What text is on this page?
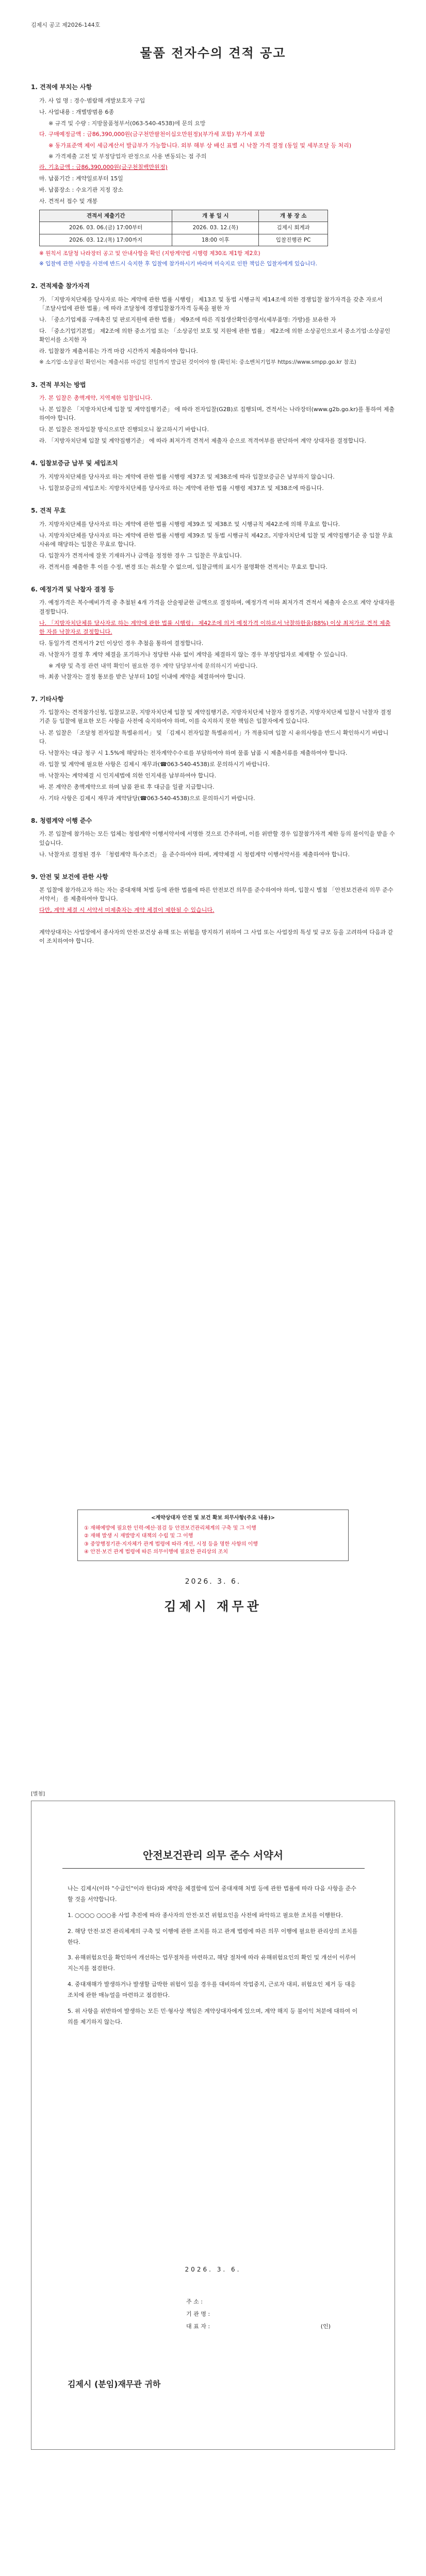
김제시 공고 제2026-144호
물품 전자수의 견적 공고
1. 견적에 부치는 사항
가. 사 업 명 : 경수·범람해 개발보호자 구입
나. 사업내용 : 개별방범용 6종
※ 규격 및 수량 : 지방물품청부서(063-540-4538)에 문의 요망
다. 구매예정금액 : 금86,390,000원(금구천만팔천이십오만원정)(부가세 포함) 부가세 포함
※ 동가표준액 제이 세금계산서 발급부가 가능합니다. 외부 해부 상 배신 표별 시 낙찰 가격 결정 (동일 및 세부조달 등 처리)
※ 가격제출 고전 및 부정당업자 판정으로 사용 변동되는 점 주의
라. 기초금액 : 금86,390,000원(금구천칠백만원정)
마. 납품기간 : 계약일로부터 15일
바. 납품장소 : 수요기관 지정 장소
사. 견적서 접수 및 개봉
견적서 제출기간	개 봉 일 시	개 봉 장 소
2026. 03. 06.(금) 17:00부터	2026. 03. 12.(목)	김제시 회계과
2026. 03. 12.(목) 17:00까지	18:00 이후	입찰진행관 PC
※ 원칙서 조달청 나라장터 공고 및 안내사항을 확인 (지방계약법 시행령 제30조 제1항 제2호)
※ 입찰에 관한 사항을 사전에 반드시 숙지한 후 입찰에 참가하시기 바라며 미숙지로 인한 책임은 입찰자에게 있습니다.
2. 견적제출 참가자격
가. 「지방자치단체를 당사자로 하는 계약에 관한 법률 시행령」 제13조 및 동법 시행규칙 제14조에 의한 경쟁입찰 참가자격을 갖춘 자로서 「조달사업에 관한 법률」에 따라 조달청에 경쟁입찰참가자격 등록을 필한 자
나. 「중소기업제품 구매촉진 및 판로지원에 관한 법률」 제9조에 따른 직접생산확인증명서(세부품명: 가방)를 보유한 자
다. 「중소기업기본법」 제2조에 의한 중소기업 또는 「소상공인 보호 및 지원에 관한 법률」 제2조에 의한 소상공인으로서 중소기업·소상공인 확인서를 소지한 자
라. 입찰참가 제출서류는 가격 마감 시간까지 제출하여야 합니다.
※ 소기업·소상공인 확인서는 제출서류 마감일 전일까지 발급된 것이어야 함 (확인처: 중소벤처기업부 https://www.smpp.go.kr 참조)
3. 견적 부치는 방법
가. 본 입찰은 총액계약, 지역제한 입찰입니다.
나. 본 입찰은 「지방자치단체 입찰 및 계약집행기준」 에 따라 전자입찰(G2B)로 집행되며, 견적서는 나라장터(www.g2b.go.kr)를 통하여 제출하여야 합니다.
다. 본 입찰은 전자입찰 방식으로만 진행되오니 참고하시기 바랍니다.
라. 「지방자치단체 입찰 및 계약집행기준」 에 따라 최저가격 견적서 제출자 순으로 적격여부를 판단하여 계약 상대자를 결정합니다.
4. 입찰보증금 납부 및 세입조치
가. 지방자치단체를 당사자로 하는 계약에 관한 법률 시행령 제37조 및 제38조에 따라 입찰보증금은 납부하지 않습니다.
나. 입찰보증금의 세입조치: 지방자치단체를 당사자로 하는 계약에 관한 법률 시행령 제37조 및 제38조에 따릅니다.
5. 견적 무효
가. 지방자치단체를 당사자로 하는 계약에 관한 법률 시행령 제39조 및 제38조 및 시행규칙 제42조에 의해 무효로 합니다.
나. 지방자치단체를 당사자로 하는 계약에 관한 법률 시행령 제39조 및 동법 시행규칙 제42조, 지방자치단체 입찰 및 계약집행기준 중 입찰 무효사유에 해당하는 입찰은 무효로 합니다.
다. 입찰자가 견적서에 잘못 기재하거나 금액을 정정한 경우 그 입찰은 무효입니다.
라. 견적서를 제출한 후 이를 수정, 변경 또는 취소할 수 없으며, 입찰금액의 표시가 불명확한 견적서는 무효로 합니다.
6. 예정가격 및 낙찰자 결정 등
가. 예정가격은 복수예비가격 중 추첨된 4개 가격을 산술평균한 금액으로 결정하며, 예정가격 이하 최저가격 견적서 제출자 순으로 계약 상대자를 결정합니다.
나. 「지방자치단체를 당사자로 하는 계약에 관한 법률 시행령」 제42조에 의거 예정가격 이하로서 낙찰하한율(88%) 이상 최저가로 견적 제출한 자를 낙찰자로 결정합니다.
다. 동일가격 견적서가 2인 이상인 경우 추첨을 통하여 결정합니다.
라. 낙찰자가 결정 후 계약 체결을 포기하거나 정당한 사유 없이 계약을 체결하지 않는 경우 부정당업자로 제재할 수 있습니다.
※ 계량 및 측정 관련 내역 확인이 필요한 경우 계약 담당부서에 문의하시기 바랍니다.
마. 최종 낙찰자는 결정 통보를 받은 날부터 10일 이내에 계약을 체결하여야 합니다.
7. 기타사항
가. 입찰자는 견적참가신청, 입찰보고문, 지방자치단체 입찰 및 계약집행기준, 지방자치단체 낙찰자 결정기준, 지방자치단체 입찰시 낙찰자 결정기준 등 입찰에 필요한 모든 사항을 사전에 숙지하여야 하며, 이를 숙지하지 못한 책임은 입찰자에게 있습니다.
나. 본 입찰은 「조달청 전자입찰 특별유의서」 및 「김제시 전자입찰 특별유의서」가 적용되며 입찰 시 유의사항을 반드시 확인하시기 바랍니다.
다. 낙찰자는 대금 청구 시 1.5%에 해당하는 전자계약수수료를 부담하여야 하며 물품 납품 시 제출서류를 제출하여야 합니다.
라. 입찰 및 계약에 필요한 사항은 김제시 재무과(☎063-540-4538)로 문의하시기 바랍니다.
마. 낙찰자는 계약체결 시 인지세법에 의한 인지세를 납부하여야 합니다.
바. 본 계약은 총액계약으로 하며 납품 완료 후 대금을 일괄 지급합니다.
사. 기타 사항은 김제시 재무과 계약담당(☎063-540-4538)으로 문의하시기 바랍니다.
8. 청렴계약 이행 준수
가. 본 입찰에 참가하는 모든 업체는 청렴계약 이행서약서에 서명한 것으로 간주하며, 이를 위반할 경우 입찰참가자격 제한 등의 불이익을 받을 수 있습니다.
나. 낙찰자로 결정된 경우 「청렴계약 특수조건」 을 준수하여야 하며, 계약체결 시 청렴계약 이행서약서를 제출하여야 합니다.
9. 안전 및 보건에 관한 사항
본 입찰에 참가하고자 하는 자는 중대재해 처벌 등에 관한 법률에 따른 안전보건 의무를 준수하여야 하며, 입찰시 별첨 「안전보건관리 의무 준수 서약서」 를 제출하여야 합니다.
다만, 계약 체결 시 서약서 미제출자는 계약 체결이 제한될 수 있습니다.
계약상대자는 사업장에서 종사자의 안전·보건상 유해 또는 위험을 방지하기 위하여 그 사업 또는 사업장의 특성 및 규모 등을 고려하여 다음과 같이 조치하여야 합니다.
<계약상대자 안전 및 보건 확보 의무사항(주요 내용)>
① 재해예방에 필요한 인력·예산·점검 등 안전보건관리체계의 구축 및 그 이행
② 재해 발생 시 재발방지 대책의 수립 및 그 이행
③ 중앙행정기관·지자체가 관계 법령에 따라 개선, 시정 등을 명한 사항의 이행
④ 안전·보건 관계 법령에 따른 의무이행에 필요한 관리상의 조치
2026. 3. 6.
김제시 재무관
[별첨]
안전보건관리 의무 준수 서약서

나는 김제시(이하 "수급인"이라 한다)와 계약을 체결함에 있어 중대재해 처벌 등에 관한 법률에 따라 다음 사항을 준수할 것을 서약합니다.

1. ○○○○ ○○○용 사업 추진에 따라 종사자의 안전·보건 위험요인을 사전에 파악하고 필요한 조치를 이행한다.

2. 해당 안전·보건 관리체계의 구축 및 이행에 관한 조치를 하고 관계 법령에 따른 의무 이행에 필요한 관리상의 조치를 한다.

3. 유해위험요인을 확인하여 개선하는 업무절차를 마련하고, 해당 절차에 따라 유해위험요인의 확인 및 개선이 이루어지는지를 점검한다.

4. 중대재해가 발생하거나 발생할 급박한 위험이 있을 경우를 대비하여 작업중지, 근로자 대피, 위험요인 제거 등 대응조치에 관한 매뉴얼을 마련하고 점검한다.

5. 위 사항을 위반하여 발생하는 모든 민·형사상 책임은 계약상대자에게 있으며, 계약 해지 등 불이익 처분에 대하여 이의를 제기하지 않는다.

2026. 3. 6.
주 소 :
기 관 명 :
대 표 자 :	(인)
김제시 (분임)재무관 귀하
